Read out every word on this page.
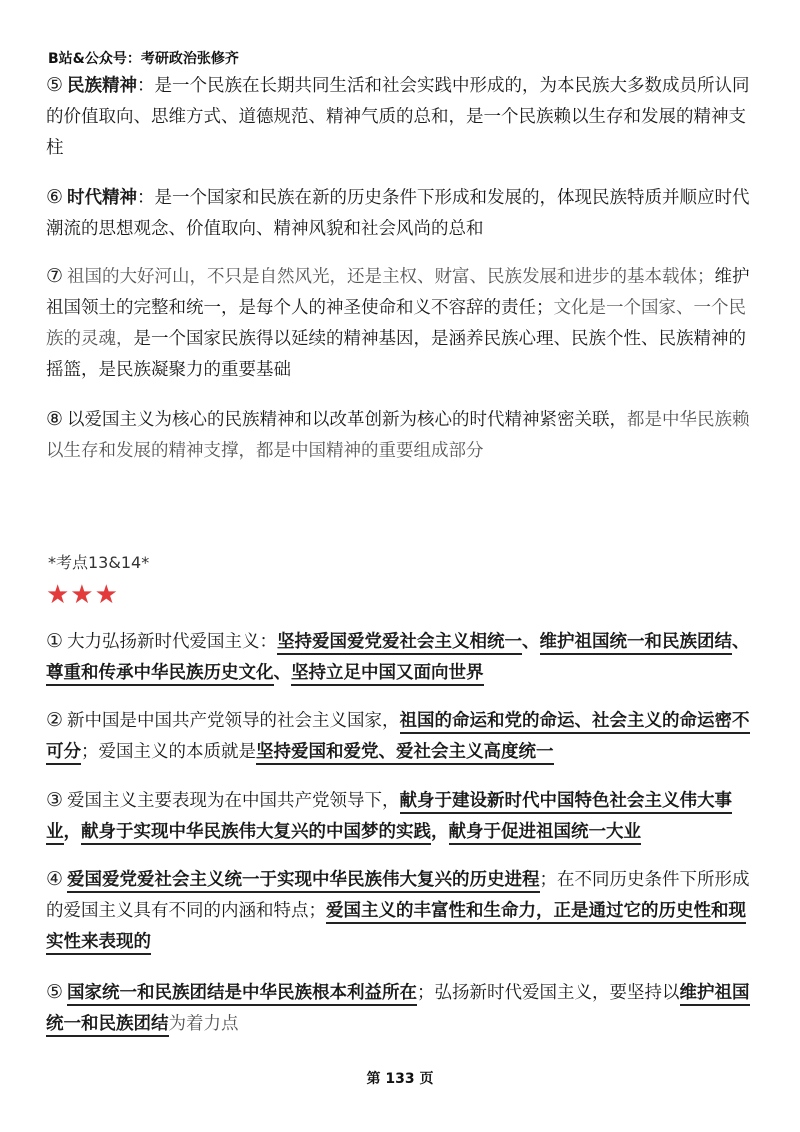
B站&公众号：考研政治张修齐
⑤ 民族精神：是一个民族在长期共同生活和社会实践中形成的，为本民族大多数成员所认同的价值取向、思维方式、道德规范、精神气质的总和，是一个民族赖以生存和发展的精神支柱
⑥ 时代精神：是一个国家和民族在新的历史条件下形成和发展的，体现民族特质并顺应时代潮流的思想观念、价值取向、精神风貌和社会风尚的总和
⑦ 祖国的大好河山，不只是自然风光，还是主权、财富、民族发展和进步的基本载体；维护祖国领土的完整和统一，是每个人的神圣使命和义不容辞的责任；文化是一个国家、一个民族的灵魂，是一个国家民族得以延续的精神基因，是涵养民族心理、民族个性、民族精神的摇篮，是民族凝聚力的重要基础
⑧ 以爱国主义为核心的民族精神和以改革创新为核心的时代精神紧密关联，都是中华民族赖以生存和发展的精神支撑，都是中国精神的重要组成部分
*考点13&14*
★★★
① 大力弘扬新时代爱国主义：坚持爱国爱党爱社会主义相统一、维护祖国统一和民族团结、尊重和传承中华民族历史文化、坚持立足中国又面向世界
② 新中国是中国共产党领导的社会主义国家，祖国的命运和党的命运、社会主义的命运密不可分；爱国主义的本质就是坚持爱国和爱党、爱社会主义高度统一
③ 爱国主义主要表现为在中国共产党领导下，献身于建设新时代中国特色社会主义伟大事业，献身于实现中华民族伟大复兴的中国梦的实践，献身于促进祖国统一大业
④ 爱国爱党爱社会主义统一于实现中华民族伟大复兴的历史进程；在不同历史条件下所形成的爱国主义具有不同的内涵和特点；爱国主义的丰富性和生命力，正是通过它的历史性和现实性来表现的
⑤ 国家统一和民族团结是中华民族根本利益所在；弘扬新时代爱国主义，要坚持以维护祖国统一和民族团结为着力点
第 133 页
